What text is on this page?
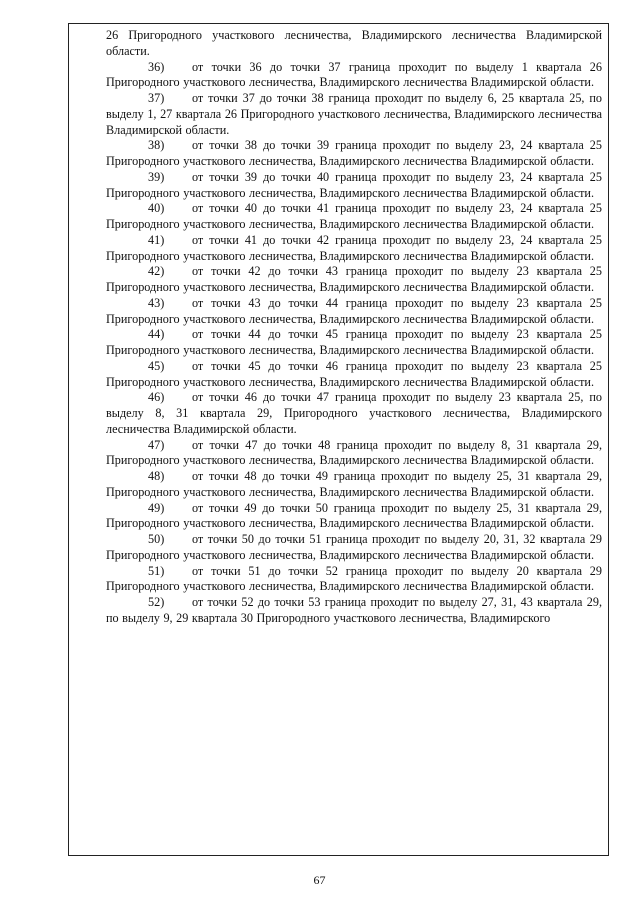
26 Пригородного участкового лесничества, Владимирского лесничества Владимирской области.

36) от точки 36 до точки 37 граница проходит по выделу 1 квартала 26 Пригородного участкового лесничества, Владимирского лесничества Владимирской области.

37) от точки 37 до точки 38 граница проходит по выделу 6, 25 квартала 25, по выделу 1, 27 квартала 26 Пригородного участкового лесничества, Владимирского лесничества Владимирской области.

38) от точки 38 до точки 39 граница проходит по выделу 23, 24 квартала 25 Пригородного участкового лесничества, Владимирского лесничества Владимирской области.

39) от точки 39 до точки 40 граница проходит по выделу 23, 24 квартала 25 Пригородного участкового лесничества, Владимирского лесничества Владимирской области.

40) от точки 40 до точки 41 граница проходит по выделу 23, 24 квартала 25 Пригородного участкового лесничества, Владимирского лесничества Владимирской области.

41) от точки 41 до точки 42 граница проходит по выделу 23, 24 квартала 25 Пригородного участкового лесничества, Владимирского лесничества Владимирской области.

42) от точки 42 до точки 43 граница проходит по выделу 23 квартала 25 Пригородного участкового лесничества, Владимирского лесничества Владимирской области.

43) от точки 43 до точки 44 граница проходит по выделу 23 квартала 25 Пригородного участкового лесничества, Владимирского лесничества Владимирской области.

44) от точки 44 до точки 45 граница проходит по выделу 23 квартала 25 Пригородного участкового лесничества, Владимирского лесничества Владимирской области.

45) от точки 45 до точки 46 граница проходит по выделу 23 квартала 25 Пригородного участкового лесничества, Владимирского лесничества Владимирской области.

46) от точки 46 до точки 47 граница проходит по выделу 23 квартала 25, по выделу 8, 31 квартала 29, Пригородного участкового лесничества, Владимирского лесничества Владимирской области.

47) от точки 47 до точки 48 граница проходит по выделу 8, 31 квартала 29, Пригородного участкового лесничества, Владимирского лесничества Владимирской области.

48) от точки 48 до точки 49 граница проходит по выделу 25, 31 квартала 29, Пригородного участкового лесничества, Владимирского лесничества Владимирской области.

49) от точки 49 до точки 50 граница проходит по выделу 25, 31 квартала 29, Пригородного участкового лесничества, Владимирского лесничества Владимирской области.

50) от точки 50 до точки 51 граница проходит по выделу 20, 31, 32 квартала 29 Пригородного участкового лесничества, Владимирского лесничества Владимирской области.

51) от точки 51 до точки 52 граница проходит по выделу 20 квартала 29 Пригородного участкового лесничества, Владимирского лесничества Владимирской области.

52) от точки 52 до точки 53 граница проходит по выделу 27, 31, 43 квартала 29, по выделу 9, 29 квартала 30 Пригородного участкового лесничества, Владимирского

67
